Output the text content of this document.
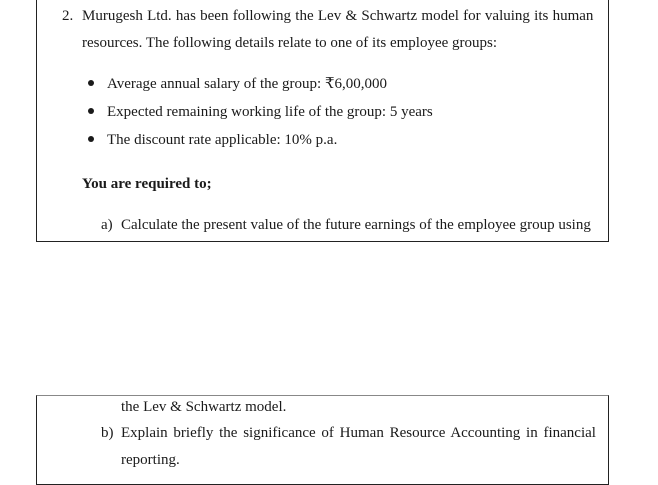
2. Murugesh Ltd. has been following the Lev & Schwartz model for valuing its human
resources. The following details relate to one of its employee groups:
Average annual salary of the group: ₹6,00,000
Expected remaining working life of the group: 5 years
The discount rate applicable: 10% p.a.
You are required to;
a) Calculate the present value of the future earnings of the employee group using
the Lev & Schwartz model.
b) Explain briefly the significance of Human Resource Accounting in financial
reporting.
